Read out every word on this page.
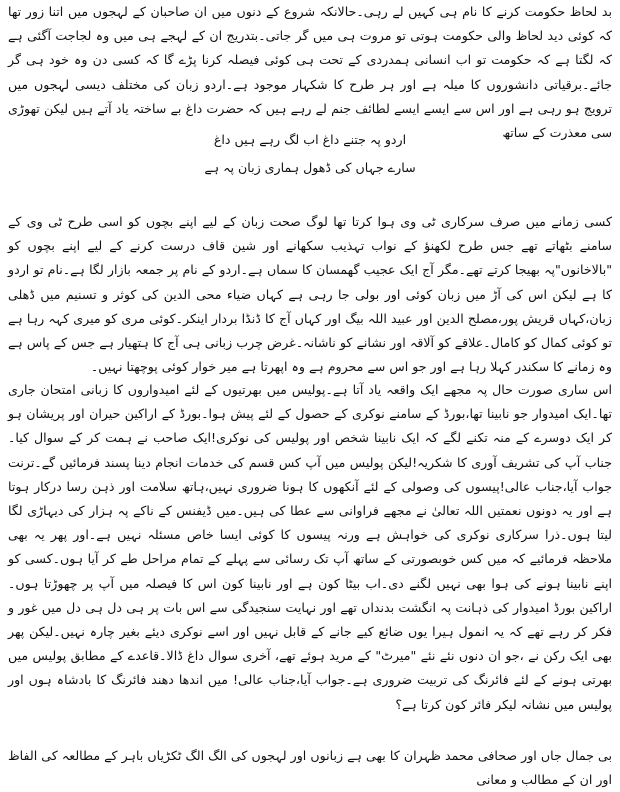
بد لحاظ حکومت کرنے کا نام ہی کہیں لے رہی۔حالانکہ شروع کے دنوں میں ان صاحبان کے لہجوں میں اتنا زور تھا کہ کوئی دید لحاظ والی حکومت ہوتی تو مروت ہی میں گر جاتی۔بتدریج ان کے لہجے ہی میں وہ لجاجت آگئی ہے کہ لگتا ہے کہ حکومت تو اب انسانی ہمدردی کے تحت ہی کوئی فیصلہ کرنا پڑے گا کہ کسی دن وہ خود ہی گر جائے۔برقیاتی دانشوروں کا میلہ ہے اور ہر طرح کا شکہار موجود ہے۔اردو زبان کی مختلف دیسی لہجوں میں ترویج ہو رہی ہے اور اس سے ایسے ایسے لطائف جنم لے رہے ہیں کہ حضرت داغ بے ساختہ یاد آتے ہیں لیکن تھوڑی سی معذرت کے ساتھ

اردو پہ جتنے داغ اب لگ رہے ہیں داغ

سارے جہاں کی ڈھول ہماری زبان پہ ہے

کسی زمانے میں صرف سرکاری ٹی وی ہوا کرتا تھا لوگ صحت زبان کے لیے اپنے بچوں کو اسی طرح ٹی وی کے سامنے بٹھاتے تھے جس طرح لکھنؤ کے نواب تہذیب سکھانے اور شین قاف درست کرنے کے لیے اپنے بچوں کو "بالاخانوں"پہ بھیجا کرتے تھے۔مگر آج ایک عجیب گھمسان کا سماں ہے۔اردو کے نام پر جمعہ بازار لگا ہے۔نام تو اردو کا ہے لیکن اس کی آڑ میں زبان کوئی اور بولی جا رہی ہے کہاں ضیاء محی الدین کی کوثر و تسنیم میں ڈھلی زبان،کہاں قریش پور،مصلح الدین اور عبید اللہ بیگ اور کہاں آج کا ڈنڈا بردار اینکر۔کوئی مری کو میری کہہ رہا ہے تو کوئی کمال کو کامال۔علاقے کو آلاقہ اور نشانے کو ناشانہ۔غرض چرب زبانی ہی آج کا ہتھیار ہے جس کے پاس ہے وہ زمانے کا سکندر کہلا رہا ہے اور جو اس سے محروم ہے وہ اپھرتا ہے میر خوار کوئی پوچھتا نہیں۔

اس ساری صورت حال پہ مجھے ایک واقعہ یاد آتا ہے۔پولیس میں بھرتیوں کے لئے امیدواروں کا زبانی امتحان جاری تھا۔ایک امیدوار جو نابینا تھا،بورڈ کے سامنے نوکری کے حصول کے لئے پیش ہوا۔بورڈ کے اراکین حیران اور پریشان ہو کر ایک دوسرے کے منہ تکنے لگے کہ ایک نابینا شخص اور پولیس کی نوکری!ایک صاحب نے ہمت کر کے سوال کیا۔جناب آپ کی تشریف آوری کا شکریہ!لیکن پولیس میں آپ کس قسم کی خدمات انجام دینا پسند فرمائیں گے۔ترنت جواب آیا،جناب عالی!پیسوں کی وصولی کے لئے آنکھوں کا ہونا ضروری نہیں،ہاتھ سلامت اور ذہن رسا درکار ہوتا ہے اور یہ دونوں نعمتیں اللہ تعالیٰ نے مجھے فراوانی سے عطا کی ہیں۔میں ڈیفنس کے ناکے پہ ہزار کی دیہاڑی لگا لیتا ہوں۔ذرا سرکاری نوکری کی خواہش ہے ورنہ پیسوں کا کوئی ایسا خاص مسئلہ نہیں ہے۔اور پھر یہ بھی ملاحظہ فرمائیے کہ میں کس خوبصورتی کے ساتھ آپ تک رسائی سے پہلے کے تمام مراحل طے کر آیا ہوں۔کسی کو اپنے نابینا ہونے کی ہوا بھی نہیں لگنے دی۔اب بیٹا کون ہے اور نابینا کون اس کا فیصلہ میں آپ پر چھوڑتا ہوں۔اراکین بورڈ امیدوار کی ذہانت پہ انگشت بدنداں تھے اور نہایت سنجیدگی سے اس بات پر ہی دل ہی دل میں غور و فکر کر رہے تھے کہ یہ انمول ہیرا یوں ضائع کیے جانے کے قابل نہیں اور اسے نوکری دیئے بغیر چارہ نہیں۔لیکن پھر بھی ایک رکن نے ،جو ان دنوں نئے نئے "میرٹ" کے مرید ہوئے تھے، آخری سوال داغ ڈالا۔قاعدے کے مطابق پولیس میں بھرتی ہونے کے لئے فائرنگ کی تربیت ضروری ہے۔جواب آیا،جناب عالی! میں اندھا دھند فائرنگ کا بادشاہ ہوں اور پولیس میں نشانہ لیکر فائر کون کرتا ہے؟

بی جمال جاں اور صحافی محمد ظہران کا بھی ہے زبانوں اور لہجوں کی الگ الگ ٹکڑیاں باہر کے مطالعہ کی الفاظ اور ان کے مطالب و معانی
